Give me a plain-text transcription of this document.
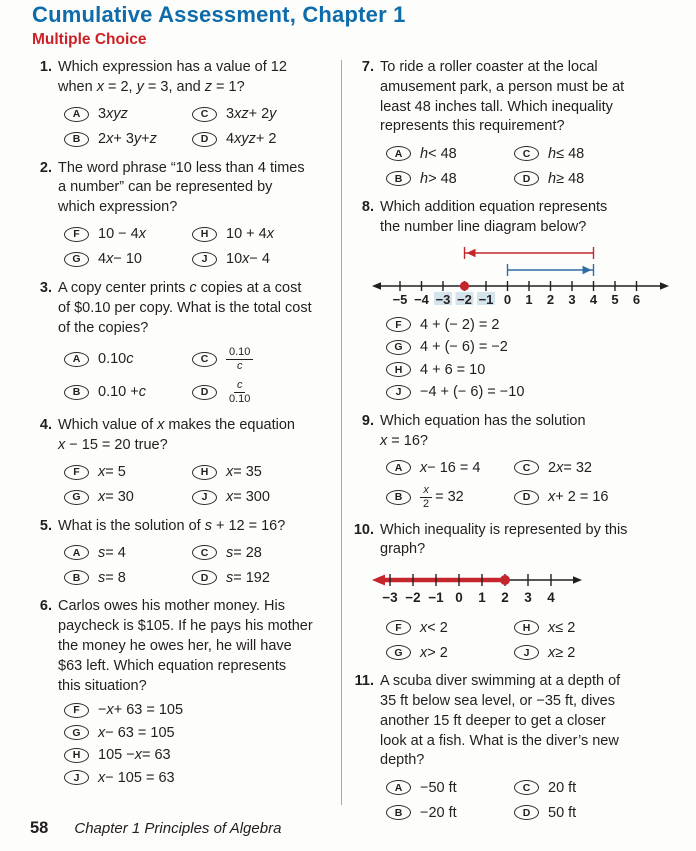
Cumulative Assessment, Chapter 1
Multiple Choice
1. Which expression has a value of 12
when x = 2, y = 3, and z = 1?
A	3 xyz	C	3 xz + 2 y
B	2 x + 3 y + z	D	4 xyz + 2
2. The word phrase “10 less than 4 times
a number” can be represented by
which expression?
F	10 − 4 x	H	10 + 4 x
G	4 x − 10	J	10 x − 4
3. A copy center prints c copies at a cost
of $0.10 per copy. What is the total cost
of the copies?
A	0.10 c	C	$\frac{0.10}{c}$
B	0.10 + c	D	$\frac{c}{0.10}$
4. Which value of x makes the equation
x − 15 = 20 true?
F	x = 5	H	x = 35
G	x = 30	J	x = 300
5. What is the solution of s + 12 = 16?
A	s = 4	C	s = 28
B	s = 8	D	s = 192
6. Carlos owes his mother money. His
paycheck is $105. If he pays his mother
the money he owes her, he will have
$63 left. Which equation represents
this situation?
F	− x + 63 = 105
G	x − 63 = 105
H	105 − x = 63
J	x − 105 = 63
7. To ride a roller coaster at the local
amusement park, a person must be at
least 48 inches tall. Which inequality
represents this requirement?
A	h < 48	C	h ≤ 48
B	h > 48	D	h ≥ 48
8. Which addition equation represents
the number line diagram below?
−5 −4 −3 −2 −1 0 1 2 3 4 5 6
F	4 + (− 2) = 2
G	4 + (− 6) = −2
H	4 + 6 = 10
J	−4 + (− 6) = −10
9. Which equation has the solution
x = 16?
A	x − 16 = 4	C	2 x = 32
B	$\frac{x}{2} = 32$	D	x + 2 = 16
10. Which inequality is represented by this
graph?
−3 −2 −1 0 1 2 3 4
F	x < 2	H	x ≤ 2
G	x > 2	J	x ≥ 2
11. A scuba diver swimming at a depth of
35 ft below sea level, or −35 ft, dives
another 15 ft deeper to get a closer
look at a fish. What is the diver’s new
depth?
A	−50 ft	C	20 ft
B	−20 ft	D	50 ft
58 Chapter 1 Principles of Algebra
